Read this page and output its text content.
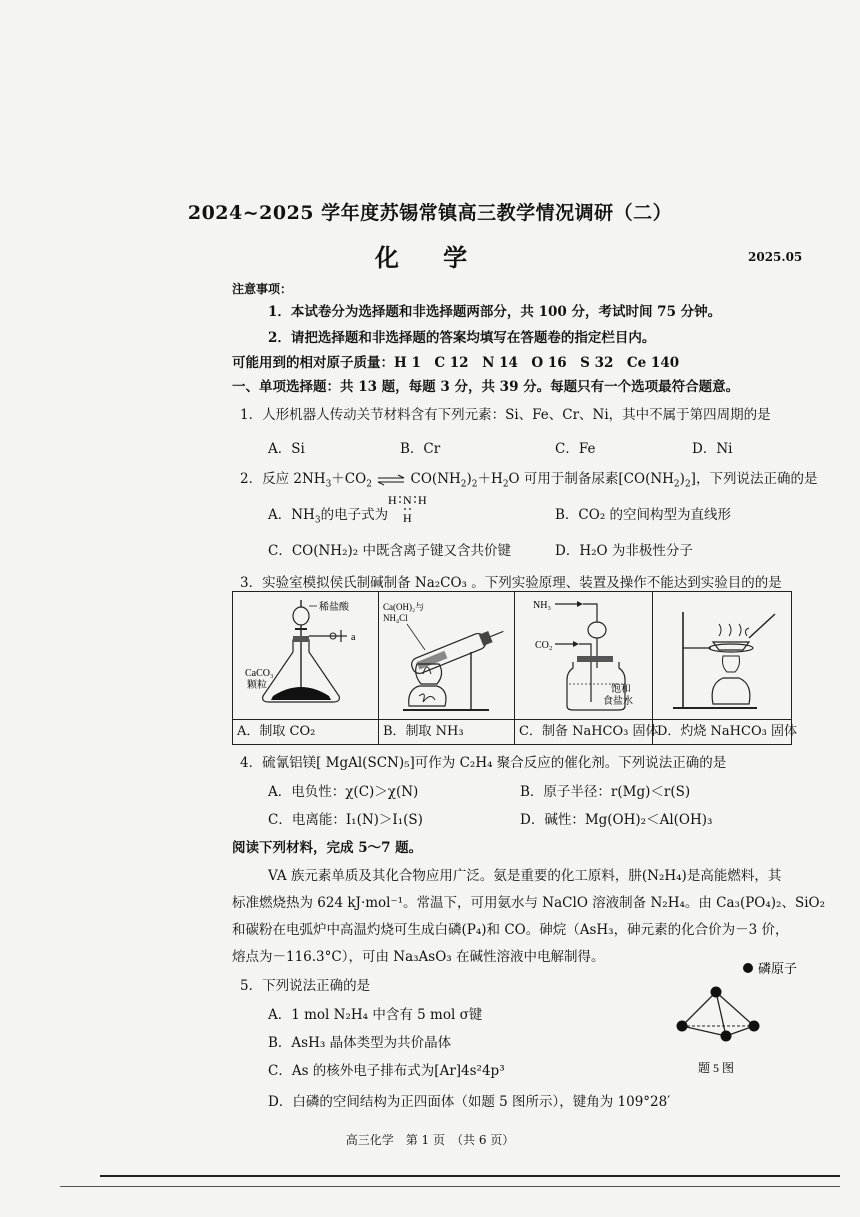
2024~2025 学年度苏锡常镇高三教学情况调研（二）
化 学	2025.05
注意事项：
1．本试卷分为选择题和非选择题两部分，共 100 分，考试时间 75 分钟。
2．请把选择题和非选择题的答案均填写在答题卷的指定栏目内。
可能用到的相对原子质量：H 1　C 12　N 14　O 16　S 32　Ce 140
一、单项选择题：共 13 题，每题 3 分，共 39 分。每题只有一个选项最符合题意。
1．人形机器人传动关节材料含有下列元素：Si、Fe、Cr、Ni，其中不属于第四周期的是
A．Si	B．Cr	C．Fe	D．Ni
2．反应 $2NH_3+CO_2$ ⇌ $CO(NH_2)_2+H_2O$ 可用于制备尿素$[CO(NH_2)_2]$，下列说法正确的是
A．$NH_3$的电子式为
H N H
H	B．CO₂ 的空间构型为直线形
C．CO(NH₂)₂ 中既含离子键又含共价键	D．H₂O 为非极性分子
3．实验室模拟侯氏制碱制备 Na₂CO₃ 。下列实验原理、装置及操作不能达到实验目的的是
稀盐酸
a
CaCO₃
颗粒
A．制取 CO₂
Ca(OH)₂与
NH₄Cl
B．制取 NH₃
NH₃
CO₂
饱和
食盐水
C．制备 NaHCO₃ 固体
D．灼烧 NaHCO₃ 固体
4．硫氰铝镁[ MgAl(SCN)₅]可作为 C₂H₄ 聚合反应的催化剂。下列说法正确的是
A．电负性：χ(C)＞χ(N)	B．原子半径：r(Mg)＜r(S)
C．电离能：I₁(N)＞I₁(S)	D．碱性：Mg(OH)₂＜Al(OH)₃
阅读下列材料，完成 5～7 题。
VA 族元素单质及其化合物应用广泛。氨是重要的化工原料，肼(N₂H₄)是高能燃料，其
标准燃烧热为 624 kJ·mol⁻¹。常温下，可用氨水与 NaClO 溶液制备 N₂H₄。由 Ca₃(PO₄)₂、SiO₂
和碳粉在电弧炉中高温灼烧可生成白磷(P₄)和 CO。砷烷（AsH₃，砷元素的化合价为－3 价，
熔点为－116.3°C），可由 Na₃AsO₃ 在碱性溶液中电解制得。
5．下列说法正确的是
A．1 mol N₂H₄ 中含有 5 mol σ键
B．AsH₃ 晶体类型为共价晶体
C．As 的核外电子排布式为[Ar]4s²4p³
D．白磷的空间结构为正四面体（如题 5 图所示），键角为 109°28′
磷原子
题 5 图
高三化学　第 1 页　（共 6 页）
